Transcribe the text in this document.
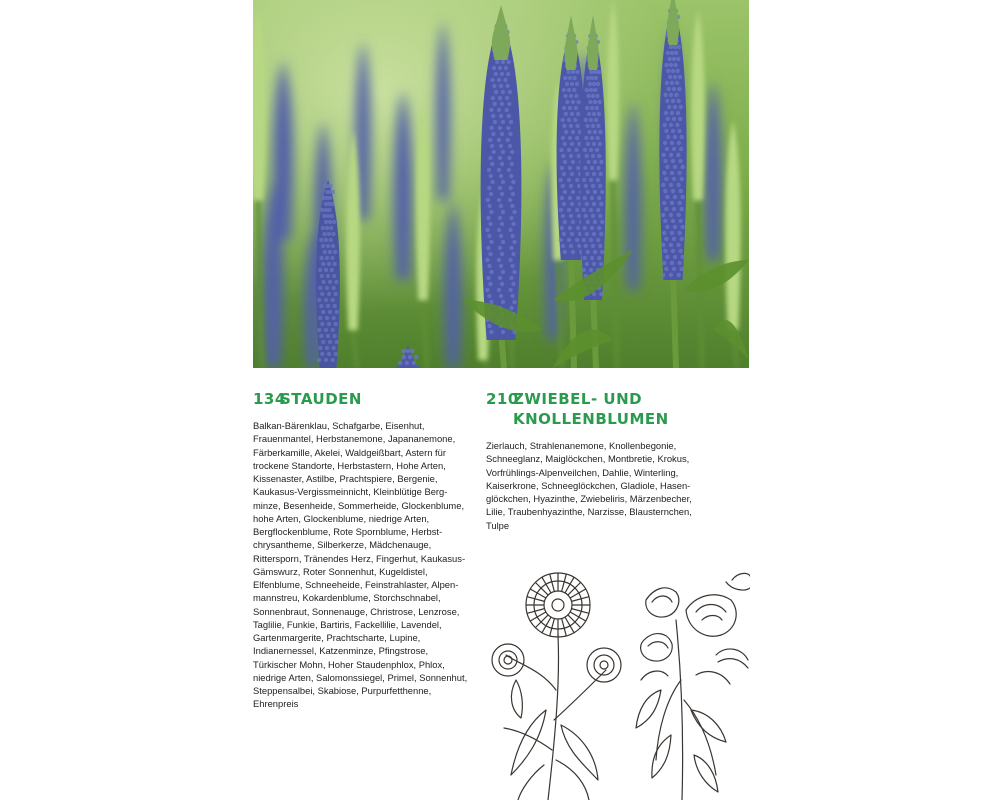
134STAUDEN

Balkan-Bärenklau, Schafgarbe, Eisenhut, Frauenmantel, Herbstanemone, Japananemone, Färberkamille, Akelei, Waldgeißbart, Astern für trockene Standorte, Herbstastern, Hohe Arten, Kissenaster, Astilbe, Prachtspiere, Bergenie, Kaukasus-Vergissmeinnicht, Kleinblütige Bergminze, Besenheide, Sommerheide, Glockenblume, hohe Arten, Glockenblume, niedrige Arten, Bergflockenblume, Rote Spornblume, Herbstchrysantheme, Silberkerze, Mädchenauge, Rittersporn, Tränendes Herz, Fingerhut, Kaukasus-Gämswurz, Roter Sonnenhut, Kugeldistel, Elfenblume, Schneeheide, Feinstrahlaster, Alpenmannstreu, Kokardenblume, Storchschnabel, Sonnenbraut, Sonnenauge, Christrose, Lenzrose, Taglilie, Funkie, Bartiris, Fackellilie, Lavendel, Gartenmargerite, Prachtscharte, Lupine, Indianernessel, Katzenminze, Pfingstrose, Türkischer Mohn, Hoher Staudenphlox, Phlox, niedrige Arten, Salomonssiegel, Primel, Sonnenhut, Steppensalbei, Skabiose, Purpurfetthenne, Ehrenpreis

210ZWIEBEL- UND KNOLLENBLUMEN

Zierlauch, Strahlenanemone, Knollenbegonie, Schneeglanz, Maiglöckchen, Montbretie, Krokus, Vorfrühlings-Alpenveilchen, Dahlie, Winterling, Kaiserkrone, Schneeglöckchen, Gladiole, Hasenglöckchen, Hyazinthe, Zwiebeliris, Märzenbecher, Lilie, Traubenhyazinthe, Narzisse, Blausternchen, Tulpe
